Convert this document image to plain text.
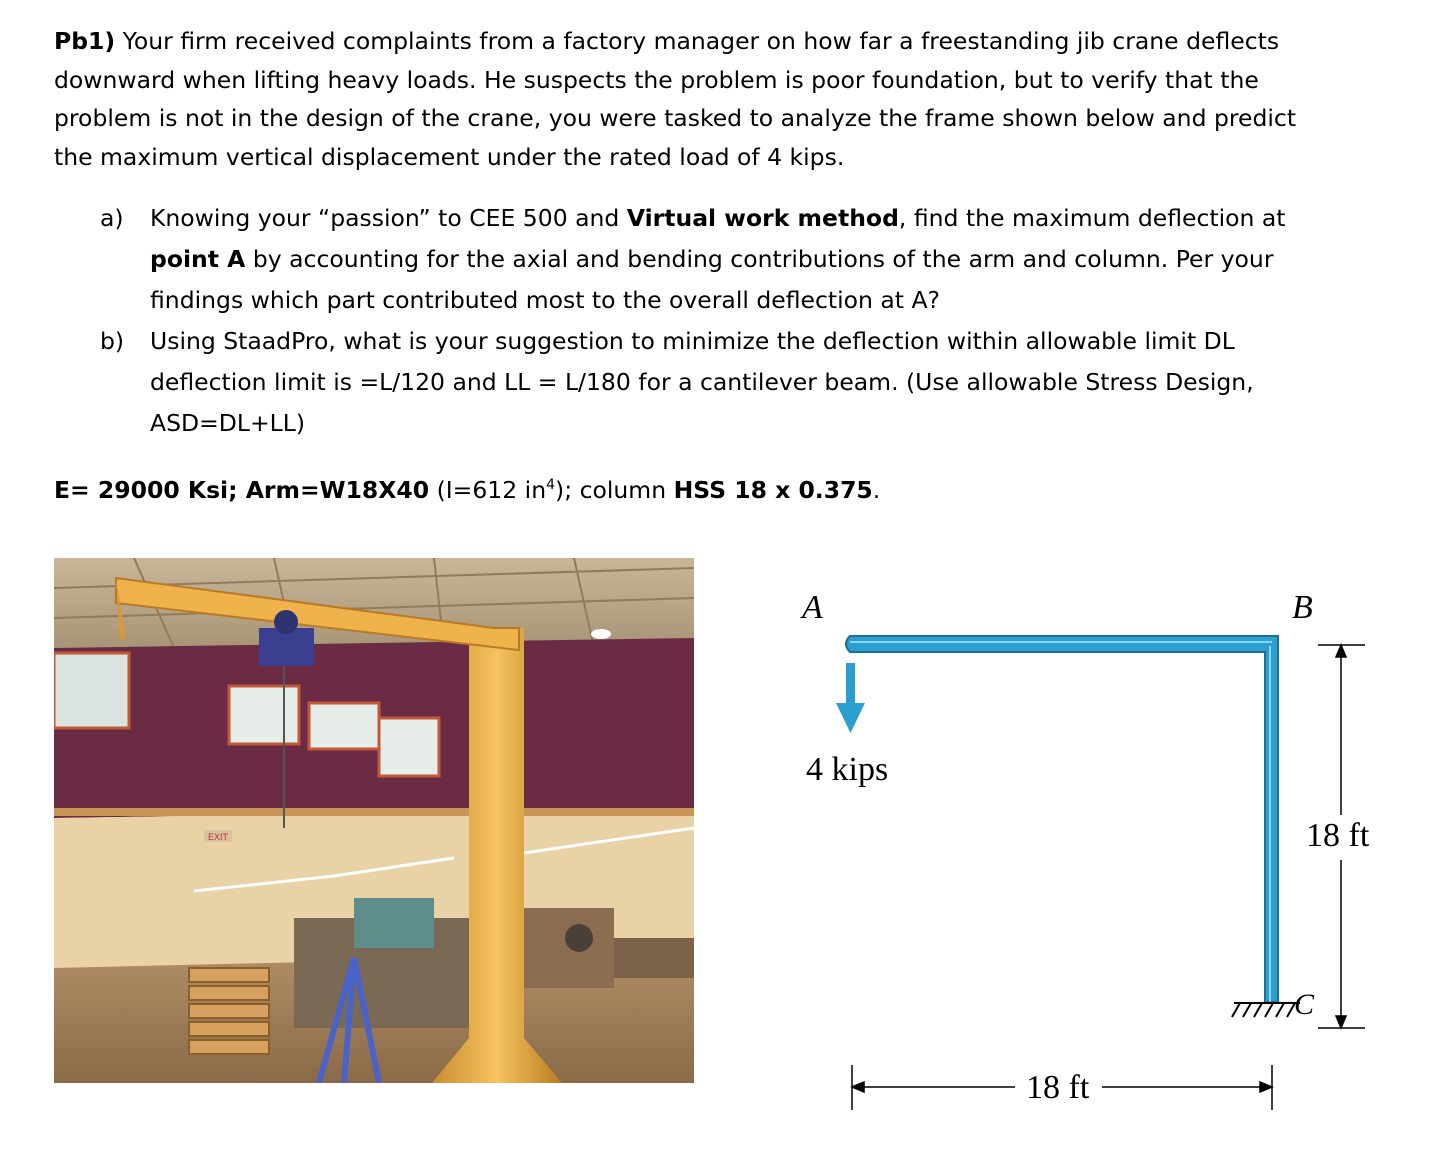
Pb1) Your firm received complaints from a factory manager on how far a freestanding jib crane deflects downward when lifting heavy loads. He suspects the problem is poor foundation, but to verify that the problem is not in the design of the crane, you were tasked to analyze the frame shown below and predict the maximum vertical displacement under the rated load of 4 kips.
a) Knowing your “passion” to CEE 500 and Virtual work method, find the maximum deflection at point A by accounting for the axial and bending contributions of the arm and column. Per your findings which part contributed most to the overall deflection at A?
b) Using StaadPro, what is your suggestion to minimize the deflection within allowable limit DL deflection limit is =L/120 and LL = L/180 for a cantilever beam. (Use allowable Stress Design, ASD=DL+LL)
E= 29000 Ksi; Arm=W18X40 (I=612 $in^4$); column HSS 18 x 0.375.
EXIT
A	B
C
4 kips
18 ft
18 ft
